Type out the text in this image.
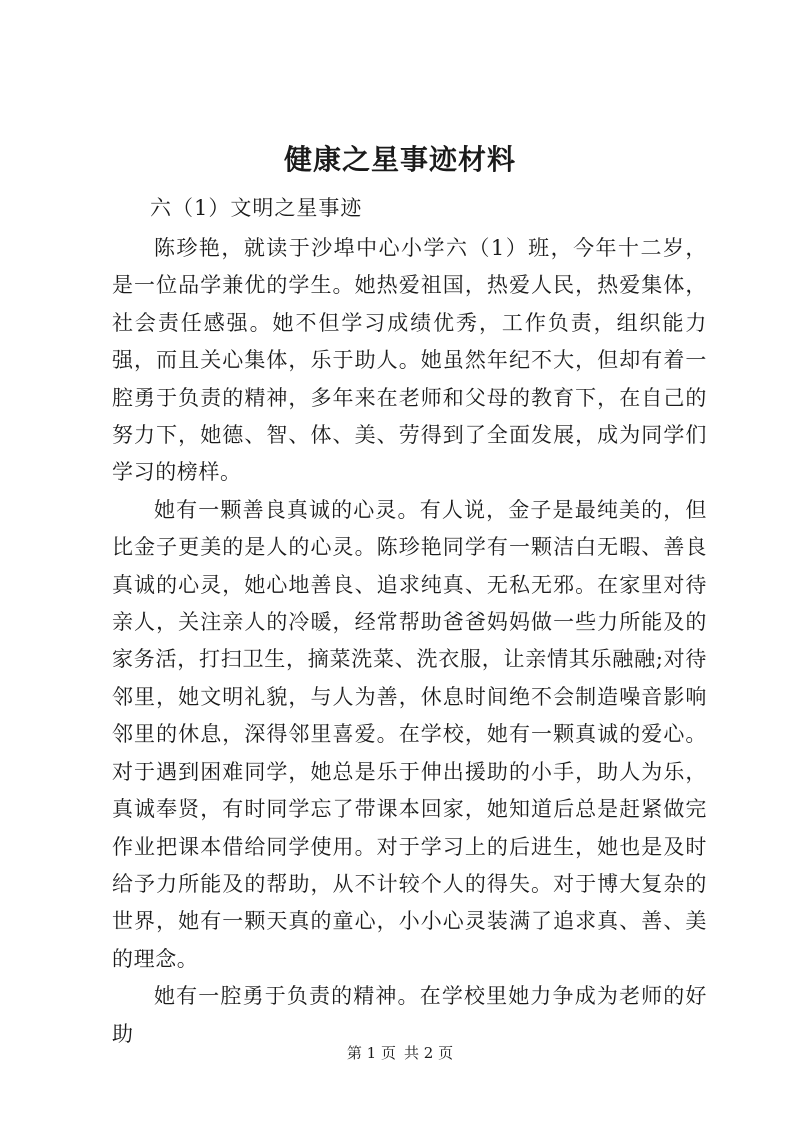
健康之星事迹材料
六（1）文明之星事迹

陈珍艳，就读于沙埠中心小学六（1）班，今年十二岁，是一位品学兼优的学生。她热爱祖国，热爱人民，热爱集体，社会责任感强。她不但学习成绩优秀，工作负责，组织能力强，而且关心集体，乐于助人。她虽然年纪不大，但却有着一腔勇于负责的精神，多年来在老师和父母的教育下，在自己的努力下，她德、智、体、美、劳得到了全面发展，成为同学们学习的榜样。

她有一颗善良真诚的心灵。有人说，金子是最纯美的，但比金子更美的是人的心灵。陈珍艳同学有一颗洁白无暇、善良真诚的心灵，她心地善良、追求纯真、无私无邪。在家里对待亲人，关注亲人的冷暖，经常帮助爸爸妈妈做一些力所能及的家务活，打扫卫生，摘菜洗菜、洗衣服，让亲情其乐融融;对待邻里，她文明礼貌，与人为善，休息时间绝不会制造噪音影响邻里的休息，深得邻里喜爱。在学校，她有一颗真诚的爱心。对于遇到困难同学，她总是乐于伸出援助的小手，助人为乐，真诚奉贤，有时同学忘了带课本回家，她知道后总是赶紧做完作业把课本借给同学使用。对于学习上的后进生，她也是及时给予力所能及的帮助，从不计较个人的得失。对于博大复杂的世界，她有一颗天真的童心，小小心灵装满了追求真、善、美的理念。

她有一腔勇于负责的精神。在学校里她力争成为老师的好助

第 1 页 共 2 页
